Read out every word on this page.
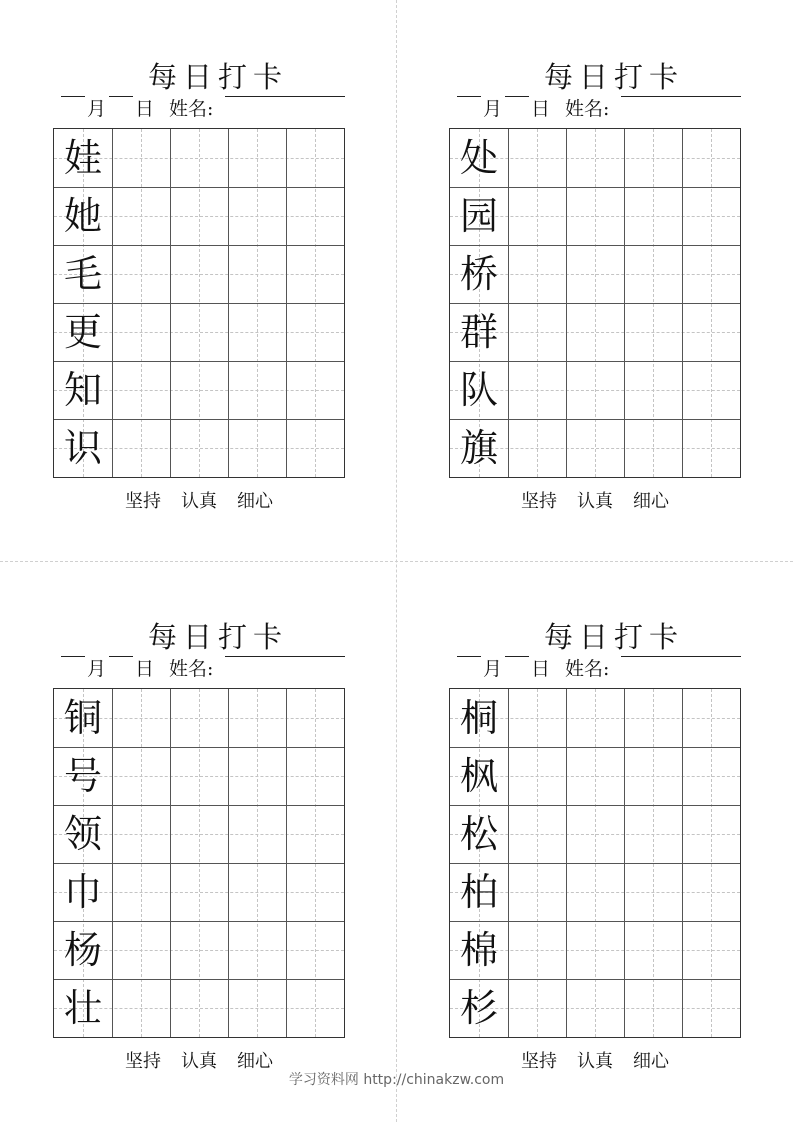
每日打卡
月 日 姓名:
娃
她
毛
更
知
识
坚持 认真 细心
每日打卡
月 日 姓名:
处
园
桥
群
队
旗
坚持 认真 细心
每日打卡
月 日 姓名:
铜
号
领
巾
杨
壮
坚持 认真 细心
每日打卡
月 日 姓名:
桐
枫
松
柏
棉
杉
坚持 认真 细心
学习资料网 http://chinakzw.com
